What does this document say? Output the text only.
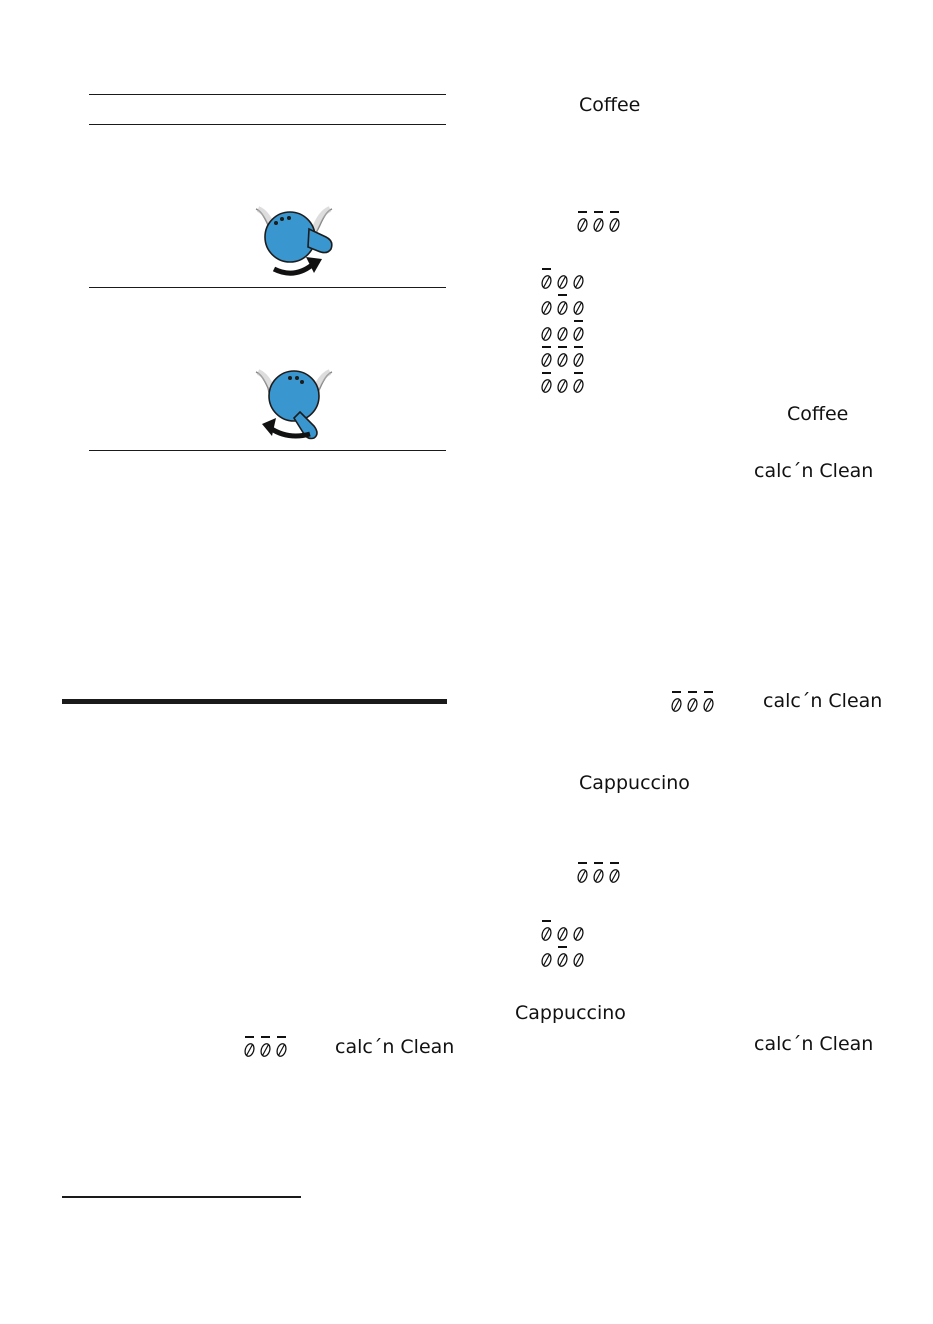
calc´n Clean
Coffee
Coffee
calc´n Clean
calc´n Clean
Cappuccino
Cappuccino
calc´n Clean
